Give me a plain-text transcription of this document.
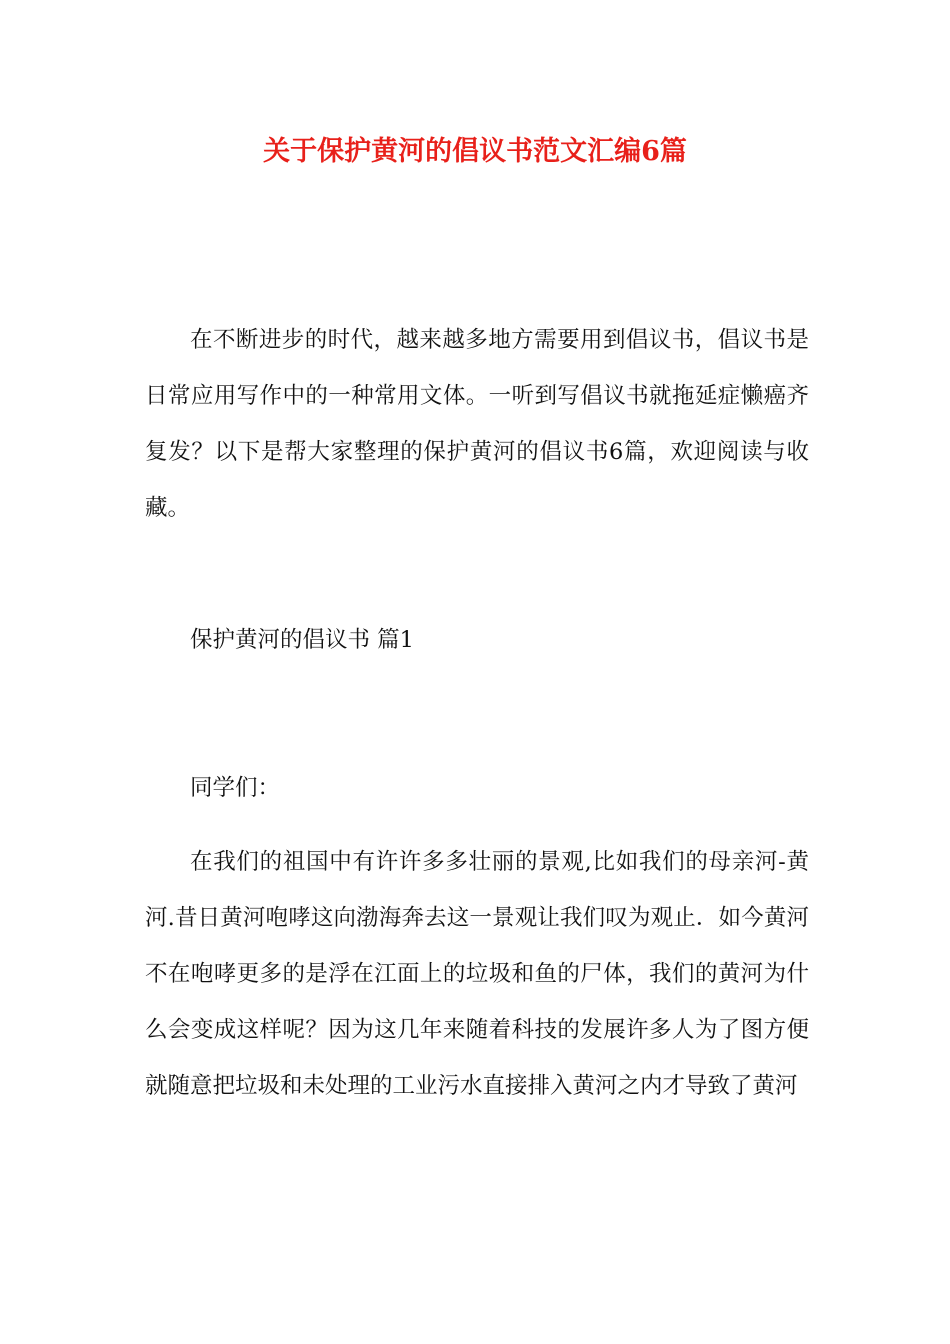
关于保护黄河的倡议书范文汇编6篇

在不断进步的时代，越来越多地方需要用到倡议书，倡议书是日常应用写作中的一种常用文体。一听到写倡议书就拖延症懒癌齐复发？以下是帮大家整理的保护黄河的倡议书6篇，欢迎阅读与收藏。

保护黄河的倡议书 篇1

同学们：

在我们的祖国中有许许多多壮丽的景观,比如我们的母亲河-黄河.昔日黄河咆哮这向渤海奔去这一景观让我们叹为观止．如今黄河不在咆哮更多的是浮在江面上的垃圾和鱼的尸体，我们的黄河为什么会变成这样呢？因为这几年来随着科技的发展许多人为了图方便就随意把垃圾和未处理的工业污水直接排入黄河之内才导致了黄河
